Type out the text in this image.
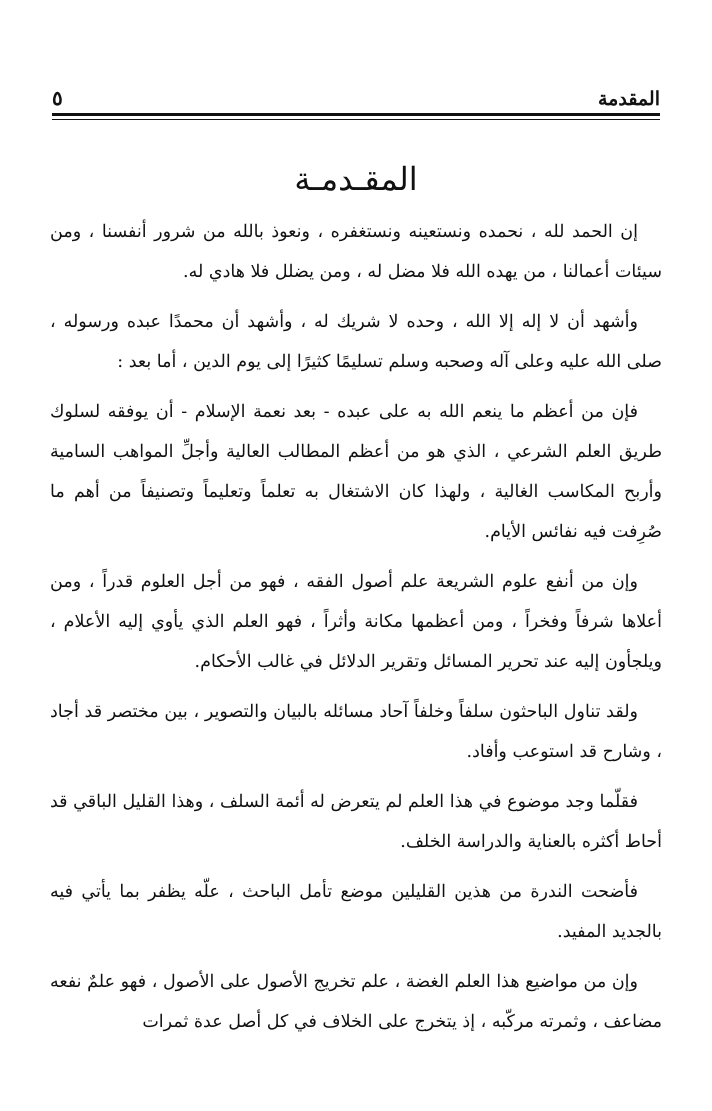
المقدمة
٥
المقـدمـة

إن الحمد لله ، نحمده ونستعينه ونستغفره ، ونعوذ بالله من شرور أنفسنا ، ومن سيئات أعمالنا ، من يهده الله فلا مضل له ، ومن يضلل فلا هادي له.

وأشهد أن لا إله إلا الله ، وحده لا شريك له ، وأشهد أن محمدًا عبده ورسوله ، صلى الله عليه وعلى آله وصحبه وسلم تسليمًا كثيرًا إلى يوم الدين ، أما بعد :

فإن من أعظم ما ينعم الله به على عبده - بعد نعمة الإسلام - أن يوفقه لسلوك طريق العلم الشرعي ، الذي هو من أعظم المطالب العالية وأجلِّ المواهب السامية وأربح المكاسب الغالية ، ولهذا كان الاشتغال به تعلماً وتعليماً وتصنيفاً من أهم ما صُرِفت فيه نفائس الأيام.

وإن من أنفع علوم الشريعة علم أصول الفقه ، فهو من أجل العلوم قدراً ، ومن أعلاها شرفاً وفخراً ، ومن أعظمها مكانة وأثراً ، فهو العلم الذي يأوي إليه الأعلام ، ويلجأون إليه عند تحرير المسائل وتقرير الدلائل في غالب الأحكام.

ولقد تناول الباحثون سلفاً وخلفاً آحاد مسائله بالبيان والتصوير ، بين مختصر قد أجاد ، وشارح قد استوعب وأفاد.

فقلّما وجد موضوع في هذا العلم لم يتعرض له أئمة السلف ، وهذا القليل الباقي قد أحاط أكثره بالعناية والدراسة الخلف.

فأضحت الندرة من هذين القليلين موضع تأمل الباحث ، علّه يظفر بما يأتي فيه بالجديد المفيد.

وإن من مواضيع هذا العلم الغضة ، علم تخريج الأصول على الأصول ، فهو علمٌ نفعه مضاعف ، وثمرته مركّبه ، إذ يتخرج على الخلاف في كل أصل عدة ثمرات
